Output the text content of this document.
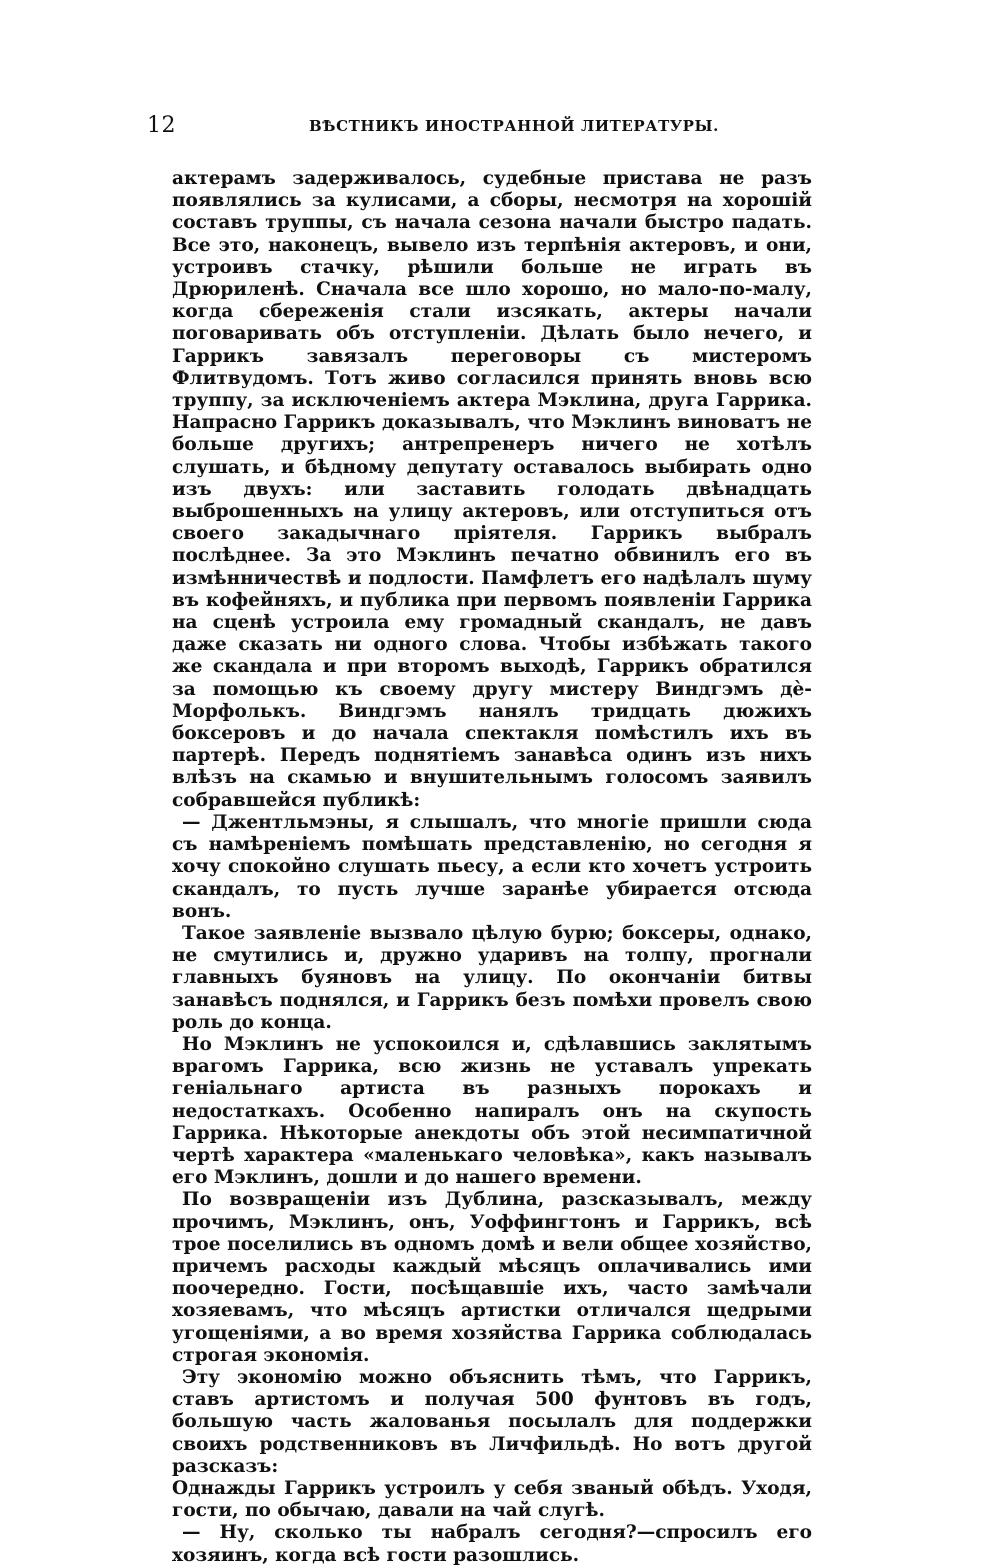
12	ВѢСТНИКЪ ИНОСТРАННОЙ ЛИТЕРАТУРЫ.

актерамъ задерживалось, судебные пристава не разъ появлялись за кулисами, а сборы, несмотря на хорошій составъ труппы, съ начала сезона начали быстро падать. Все это, наконецъ, вывело изъ терпѣнія актеровъ, и они, устроивъ стачку, рѣшили больше не играть въ Дрюриленѣ. Сначала все шло хорошо, но мало-по-малу, когда сбереженія стали изсякать, актеры начали поговаривать объ отступленіи. Дѣлать было нечего, и Гаррикъ завязалъ переговоры съ мистеромъ Флитвудомъ. Тотъ живо согласился принять вновь всю труппу, за исключеніемъ актера Мэклина, друга Гаррика. Напрасно Гаррикъ доказывалъ, что Мэклинъ виноватъ не больше другихъ; антрепренеръ ничего не хотѣлъ слушать, и бѣдному депутату оставалось выбирать одно изъ двухъ: или заставить голодать двѣнадцать выброшенныхъ на улицу актеровъ, или отступиться отъ своего закадычнаго пріятеля. Гаррикъ выбралъ послѣднее. За это Мэклинъ печатно обвинилъ его въ измѣнничествѣ и подлости. Памфлетъ его надѣлалъ шуму въ кофейняхъ, и публика при первомъ появленіи Гаррика на сценѣ устроила ему громадный скандалъ, не давъ даже сказать ни одного слова. Чтобы избѣжать такого же скандала и при второмъ выходѣ, Гаррикъ обратился за помощью къ своему другу мистеру Виндгэмъ дѐ-Морфолькъ. Виндгэмъ нанялъ тридцать дюжихъ боксеровъ и до начала спектакля помѣстилъ ихъ въ партерѣ. Передъ поднятіемъ занавѣса одинъ изъ нихъ влѣзъ на скамью и внушительнымъ голосомъ заявилъ собравшейся публикѣ:

— Джентльмэны, я слышалъ, что многіе пришли сюда съ намѣреніемъ помѣшать представленію, но сегодня я хочу спокойно слушать пьесу, а если кто хочетъ устроить скандалъ, то пусть лучше заранѣе убирается отсюда вонъ.

Такое заявленіе вызвало цѣлую бурю; боксеры, однако, не смутились и, дружно ударивъ на толпу, прогнали главныхъ буяновъ на улицу. По окончаніи битвы занавѣсъ поднялся, и Гаррикъ безъ помѣхи провелъ свою роль до конца.

Но Мэклинъ не успокоился и, сдѣлавшись заклятымъ врагомъ Гаррика, всю жизнь не уставалъ упрекать геніальнаго артиста въ разныхъ порокахъ и недостаткахъ. Особенно напиралъ онъ на скупость Гаррика. Нѣкоторые анекдоты объ этой несимпатичной чертѣ характера «маленькаго человѣка», какъ называлъ его Мэклинъ, дошли и до нашего времени.

По возвращеніи изъ Дублина, разсказывалъ, между прочимъ, Мэклинъ, онъ, Уоффингтонъ и Гаррикъ, всѣ трое поселились въ одномъ домѣ и вели общее хозяйство, причемъ расходы каждый мѣсяцъ оплачивались ими поочередно. Гости, посѣщавшіе ихъ, часто замѣчали хозяевамъ, что мѣсяцъ артистки отличался щедрыми угощеніями, а во время хозяйства Гаррика соблюдалась строгая экономія.

Эту экономію можно объяснить тѣмъ, что Гаррикъ, ставъ артистомъ и получая 500 фунтовъ въ годъ, большую часть жалованья посылалъ для поддержки своихъ родственниковъ въ Личфильдѣ. Но вотъ другой разсказъ:

Однажды Гаррикъ устроилъ у себя званый обѣдъ. Уходя, гости, по обычаю, давали на чай слугѣ.

— Ну, сколько ты набралъ сегодня?—спросилъ его хозяинъ, когда всѣ гости разошлись.
